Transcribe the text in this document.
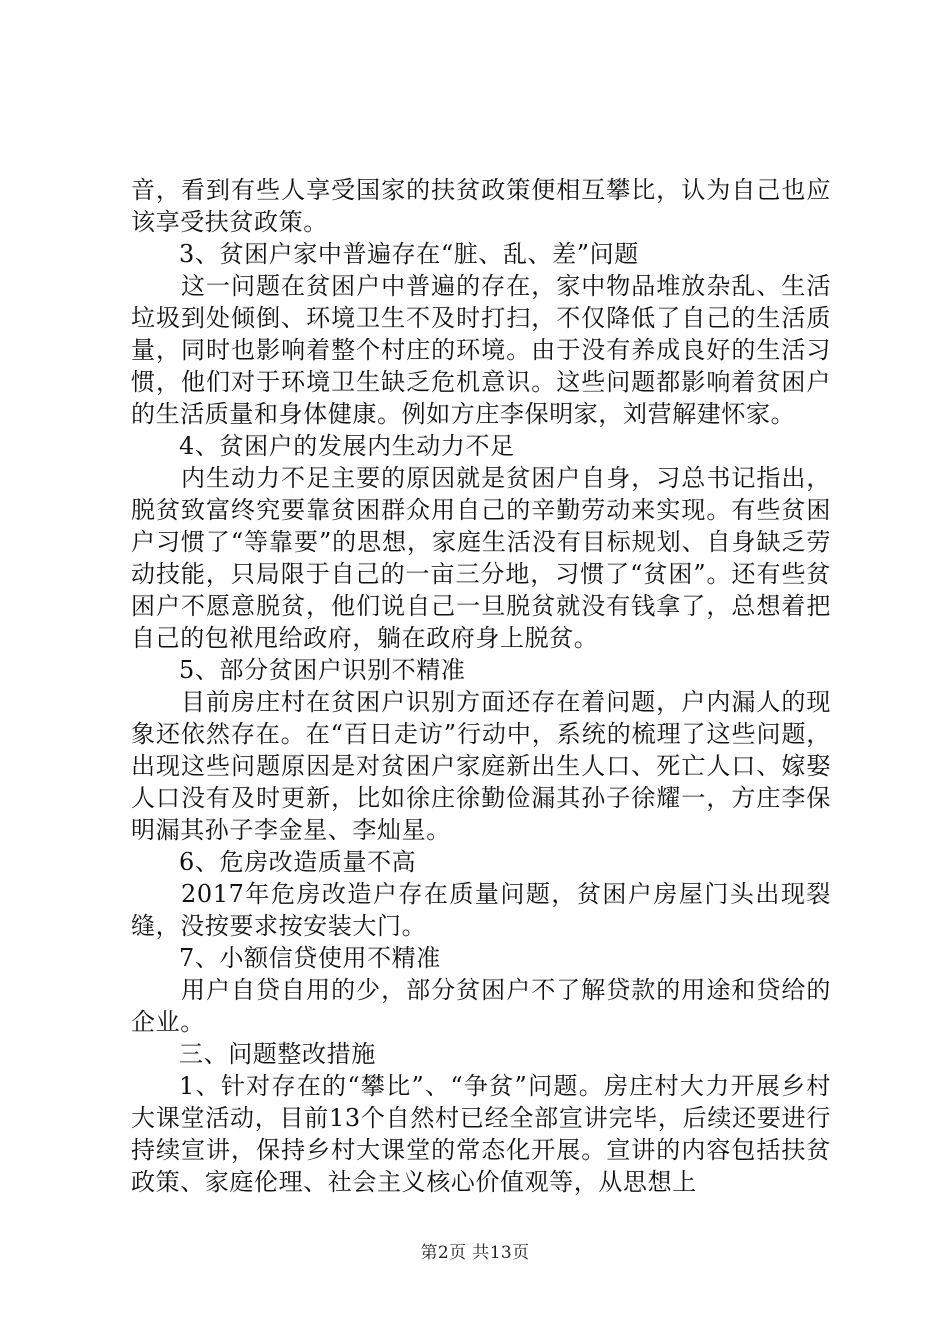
音，看到有些人享受国家的扶贫政策便相互攀比，认为自己也应该享受扶贫政策。

3、贫困户家中普遍存在“脏、乱、差”问题

这一问题在贫困户中普遍的存在，家中物品堆放杂乱、生活垃圾到处倾倒、环境卫生不及时打扫，不仅降低了自己的生活质量，同时也影响着整个村庄的环境。由于没有养成良好的生活习惯，他们对于环境卫生缺乏危机意识。这些问题都影响着贫困户的生活质量和身体健康。例如方庄李保明家，刘营解建怀家。

4、贫困户的发展内生动力不足

内生动力不足主要的原因就是贫困户自身，习总书记指出，脱贫致富终究要靠贫困群众用自己的辛勤劳动来实现。有些贫困户习惯了“等靠要”的思想，家庭生活没有目标规划、自身缺乏劳动技能，只局限于自己的一亩三分地，习惯了“贫困”。还有些贫困户不愿意脱贫，他们说自己一旦脱贫就没有钱拿了，总想着把自己的包袱甩给政府，躺在政府身上脱贫。

5、部分贫困户识别不精准

目前房庄村在贫困户识别方面还存在着问题，户内漏人的现象还依然存在。在“百日走访”行动中，系统的梳理了这些问题，出现这些问题原因是对贫困户家庭新出生人口、死亡人口、嫁娶人口没有及时更新，比如徐庄徐勤俭漏其孙子徐耀一，方庄李保明漏其孙子李金星、李灿星。

6、危房改造质量不高

2017年危房改造户存在质量问题，贫困户房屋门头出现裂缝，没按要求按安装大门。

7、小额信贷使用不精准

用户自贷自用的少，部分贫困户不了解贷款的用途和贷给的企业。

三、问题整改措施

1、针对存在的“攀比”、“争贫”问题。房庄村大力开展乡村大课堂活动，目前13个自然村已经全部宣讲完毕，后续还要进行持续宣讲，保持乡村大课堂的常态化开展。宣讲的内容包括扶贫政策、家庭伦理、社会主义核心价值观等，从思想上

第2页 共13页
